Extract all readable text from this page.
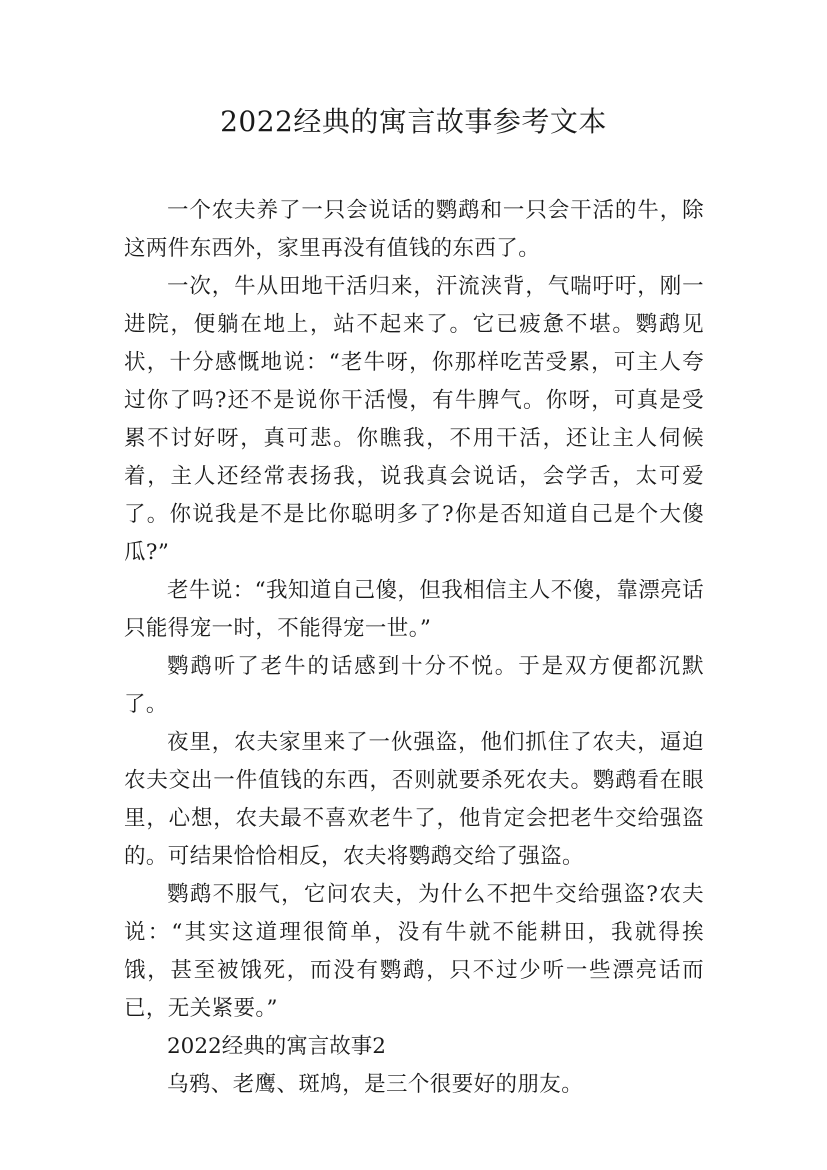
2022经典的寓言故事参考文本

一个农夫养了一只会说话的鹦鹉和一只会干活的牛，除这两件东西外，家里再没有值钱的东西了。

一次，牛从田地干活归来，汗流浃背，气喘吁吁，刚一进院，便躺在地上，站不起来了。它已疲惫不堪。鹦鹉见状，十分感慨地说：“老牛呀，你那样吃苦受累，可主人夸过你了吗?还不是说你干活慢，有牛脾气。你呀，可真是受累不讨好呀，真可悲。你瞧我，不用干活，还让主人伺候着，主人还经常表扬我，说我真会说话，会学舌，太可爱了。你说我是不是比你聪明多了?你是否知道自己是个大傻瓜?”

老牛说：“我知道自己傻，但我相信主人不傻，靠漂亮话只能得宠一时，不能得宠一世。”

鹦鹉听了老牛的话感到十分不悦。于是双方便都沉默了。

夜里，农夫家里来了一伙强盗，他们抓住了农夫，逼迫农夫交出一件值钱的东西，否则就要杀死农夫。鹦鹉看在眼里，心想，农夫最不喜欢老牛了，他肯定会把老牛交给强盗的。可结果恰恰相反，农夫将鹦鹉交给了强盗。

鹦鹉不服气，它问农夫，为什么不把牛交给强盗?农夫说：“其实这道理很简单，没有牛就不能耕田，我就得挨饿，甚至被饿死，而没有鹦鹉，只不过少听一些漂亮话而已，无关紧要。”

2022经典的寓言故事2

乌鸦、老鹰、斑鸠，是三个很要好的朋友。
